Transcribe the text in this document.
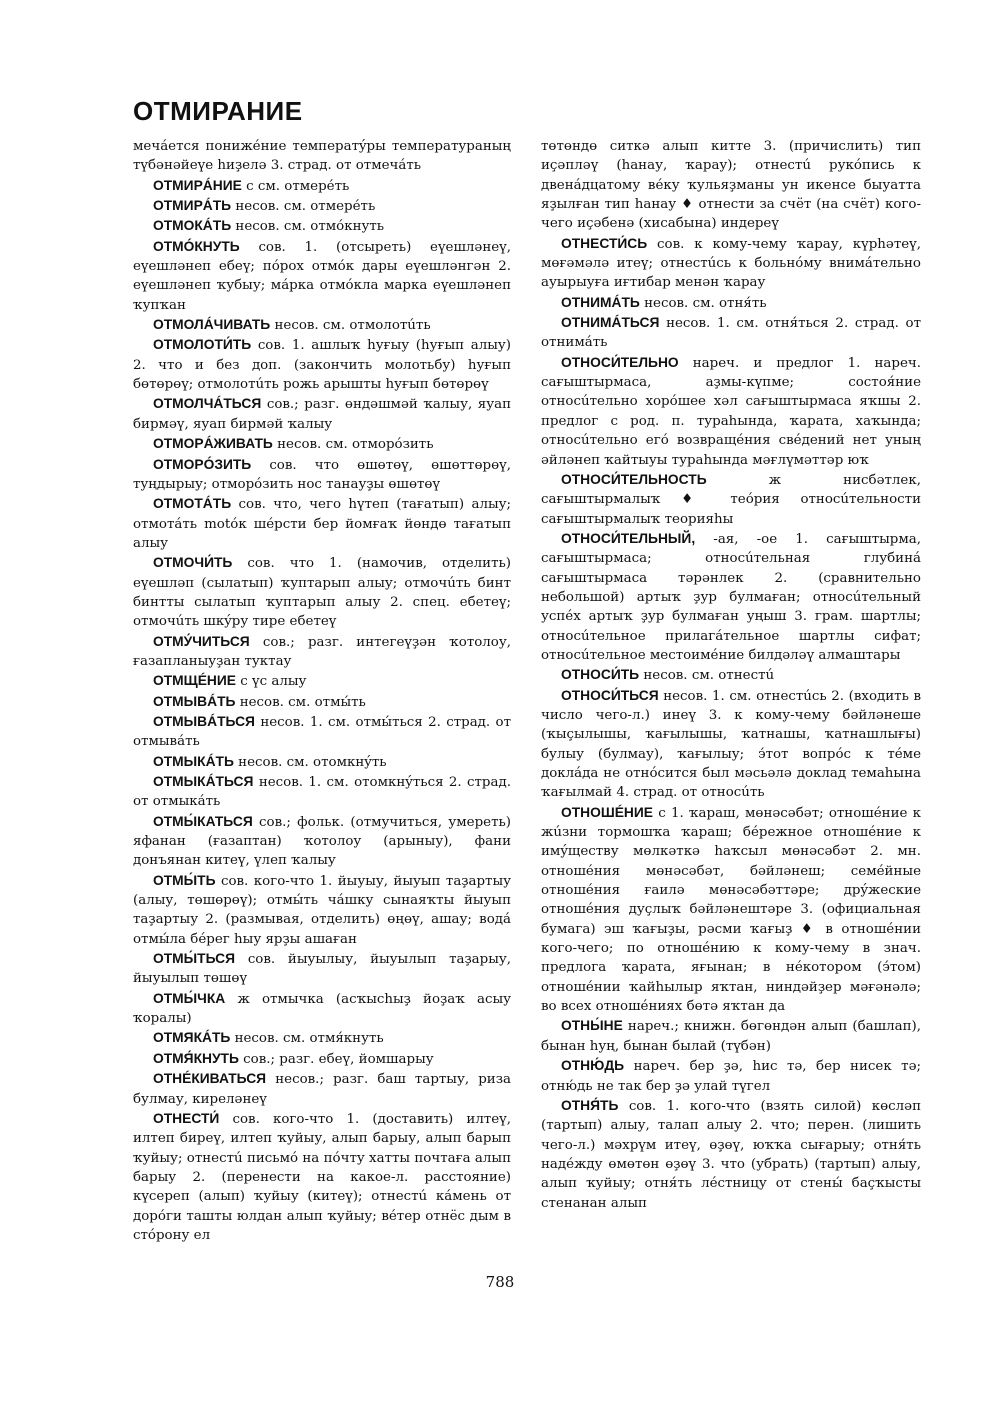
ОТМИРАНИЕ

мечáется понижéние температýры температураның түбәнәйеүе һиҙелә 3. страд. от отмечáть

ОТМИРÁНИЕ с см. отмерéть

ОТМИРÁТЬ несов. см. отмерéть

ОТМОКÁТЬ несов. см. отмóкнуть

ОТМÓКНУТЬ сов. 1. (отсыреть) еүешләнеү, еүешләнеп ебеү; пóрох отмóк дары еүешләнгән 2. еүешләнеп ҡубыу; мáрка отмóкла марка еүешләнеп ҡупҡан

ОТМОЛÁЧИВАТЬ несов. см. отмолотúть

ОТМОЛОТИ́ТЬ сов. 1. ашлыҡ һуғыу (һуғып алыу) 2. что и без доп. (закончить молотьбу) һуғып бөтөрөү; отмолотúть рожь арышты һуғып бөтөрөү

ОТМОЛЧÁТЬСЯ сов.; разг. өндәшмәй ҡалыу, яуап бирмәү, яуап бирмәй ҡалыу

ОТМОРÁЖИВАТЬ несов. см. отморóзить

ОТМОРÓЗИТЬ сов. что өшөтөү, өшөттөрөү, туңдырыу; отморóзить нос танауҙы өшөтөү

ОТМОТÁТЬ сов. что, чего һүтеп (тағатып) алыу; отмотáть motóк шéрсти бер йомғаҡ йөндө тағатып алыу

ОТМОЧИ́ТЬ сов. что 1. (намочив, отделить) еүешләп (сылатып) ҡуптарып алыу; отмочúть бинт бинтты сылатып ҡуптарып алыу 2. спец. ебетеү; отмочúть шкýру тире ебетеү

ОТМУ́ЧИТЬСЯ сов.; разг. интегеүҙән ҡотолоу, ғазапланыуҙан туктау

ОТМЩÉНИЕ с үс алыу

ОТМЫВÁТЬ несов. см. отмы́ть

ОТМЫВÁТЬСЯ несов. 1. см. отмы́ться 2. страд. от отмывáть

ОТМЫКÁТЬ несов. см. отомкнýть

ОТМЫКÁТЬСЯ несов. 1. см. отомкнýться 2. страд. от отмыкáть

ОТМЫ́КАТЬСЯ сов.; фольк. (отмучиться, умереть) яфанан (ғазаптан) ҡотолоу (арыныу), фани донъянан китеү, үлеп ҡалыу

ОТМЫ́ТЬ сов. кого-что 1. йыуыу, йыуып таҙартыу (алыу, төшөрөү); отмы́ть чáшку сынаяҡты йыуып таҙартыу 2. (размывая, отделить) өңөү, ашау; водá отмы́ла бéрег һыу ярҙы ашаған

ОТМЫ́ТЬСЯ сов. йыуылыу, йыуылып таҙарыу, йыуылып төшөү

ОТМЫ́ЧКА ж отмычка (асҡысһыҙ йоҙаҡ асыу ҡоралы)

ОТМЯКÁТЬ несов. см. отмя́кнуть

ОТМЯ́КНУТЬ сов.; разг. ебеү, йомшарыу

ОТНÉКИВАТЬСЯ несов.; разг. баш тартыу, риза булмау, киреләнеү

ОТНЕСТИ́ сов. кого-что 1. (доставить) илтеү, илтеп биреү, илтеп ҡуйыу, алып барыу, алып барып ҡуйыу; отнестú письмó на пóчту хатты почтаға алып барыу 2. (перенести на какое-л. расстояние) күсереп (алып) ҡуйыу (китеү); отнестú кáмень от дорóги ташты юлдан алып ҡуйыу; вéтер отнёс дым в стóрону ел

төтөндө ситкә алып китте 3. (причислить) тип иҫәпләү (һанау, ҡарау); отнестú рукóпись к двенáдцатому вéку ҡульяҙманы ун икенсе быуатта яҙылған тип һанау ♦ отнести за счёт (на счёт) кого-чего иҫәбенә (хисабына) индереү

ОТНЕСТИ́СЬ сов. к кому-чему ҡарау, күрһәтеү, мөғәмәлә итеү; отнестúсь к больнóму внимáтельно ауырыуға иғтибар менән ҡарау

ОТНИМÁТЬ несов. см. отня́ть

ОТНИМÁТЬСЯ несов. 1. см. отня́ться 2. страд. от отнимáть

ОТНОСИ́ТЕЛЬНО нареч. и предлог 1. нареч. сағыштырмаса, аҙмы-күпме; состоя́ние относúтельно хорóшее хәл сағыштырмаса яҡшы 2. предлог с род. п. тураһында, ҡарата, хаҡында; относúтельно егó возвращéния свéдений нет уның әйләнеп ҡайтыуы тураһында мәғлүмәттәр юҡ

ОТНОСИ́ТЕЛЬНОСТЬ	ж нисбәтлек, сағыштырмалыҡ ♦ теóрия относúтельности сағыштырмалыҡ теорияһы

ОТНОСИ́ТЕЛЬНЫЙ, -ая, -ое 1. сағыштырма, сағыштырмаса; относúтельная глубинá сағыштырмаса тәрәнлек 2. (сравнительно небольшой) артыҡ ҙур булмаған; относúтельный успéх артыҡ ҙур булмаған уңыш 3. грам. шартлы; относúтельное прилагáтельное шартлы сифат; относúтельное местоимéние билдәләү алмаштары

ОТНОСИ́ТЬ несов. см. отнестú

ОТНОСИ́ТЬСЯ несов. 1. см. отнестúсь 2. (входить в число чего-л.) инеү 3. к кому-чему бәйләнеше (ҡыҫылышы, ҡағылышы, ҡатнашы, ҡатнашлығы) булыу (булмау), ҡағылыу; э́тот вопрóс к тéме доклáда не отнóсится был мәсьәлә доклад темаһына ҡағылмай 4. страд. от относúть

ОТНОШÉНИЕ с 1. ҡараш, мөнәсәбәт; отношéние к жúзни тормошҡа ҡараш; бéрежное отношéние к имýществу мөлкәткә һаҡсыл мөнәсәбәт 2. мн. отношéния мөнәсәбәт, бәйләнеш; семéйные отношéния ғаилә мөнәсәбәттәре; дрýжеские отношéния дуҫлыҡ бәйләнештәре 3. (официальная бумага) эш ҡағыҙы, рәсми ҡағыҙ ♦ в отношéнии кого-чего; по отношéнию к кому-чему в знач. предлога ҡарата, яғынан; в нéкотором (э́том) отношéнии ҡайһылыр яҡтан, ниндәйҙер мәғәнәлә; во всех отношéниях бөтә яҡтан да

ОТНЫ́НЕ нареч.; книжн. бөгөндән алып (башлап), бынан һуң, бынан былай (түбән)

ОТНЮ́ДЬ нареч. бер ҙә, һис тә, бер нисек тә; отню́дь не так бер ҙә улай түгел

ОТНЯ́ТЬ сов. 1. кого-что (взять силой) көсләп (тартып) алыу, талап алыу 2. что; перен. (лишить чего-л.) мәхрүм итеү, өҙөү, юҡҡа сығарыу; отня́ть надéжду өмөтөн өҙөү 3. что (убрать) (тартып) алыу, алып ҡуйыу; отня́ть лéстницу от стены́ баҫҡысты стенанан алып

788
